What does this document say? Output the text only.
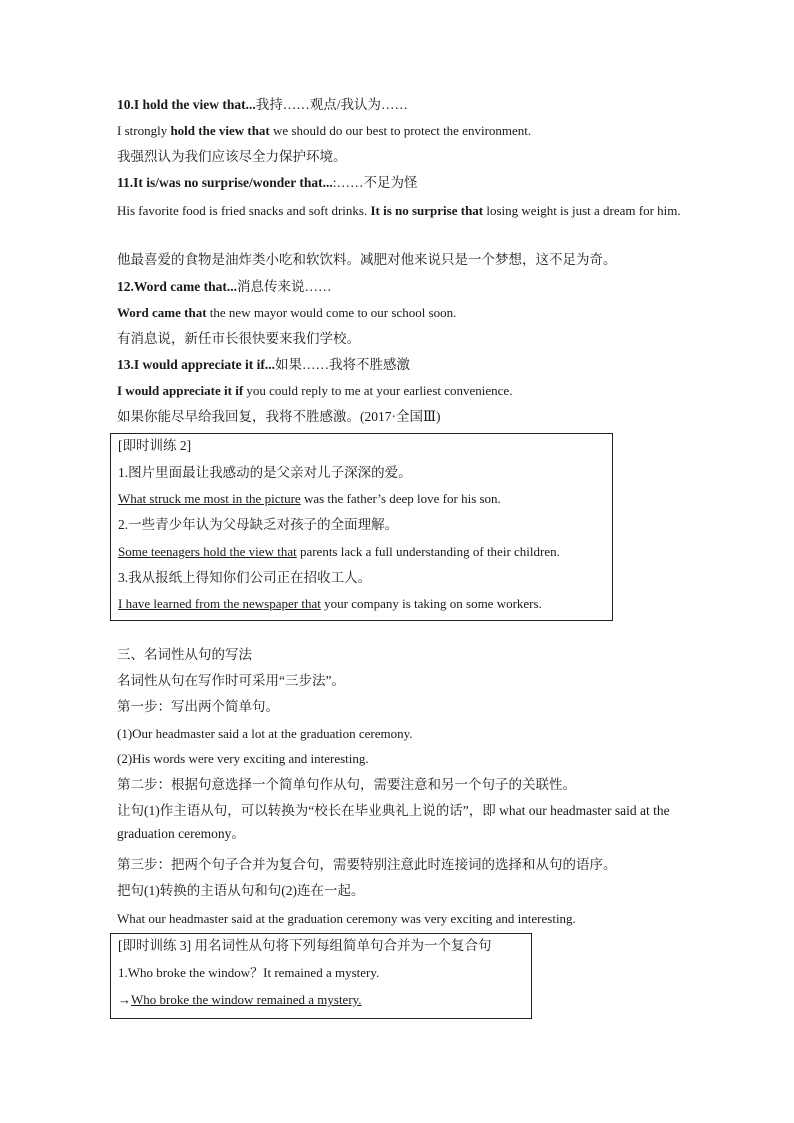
10.I hold the view that...我持……观点/我认为……
I strongly hold the view that we should do our best to protect the environment.
我强烈认为我们应该尽全力保护环境。
11.It is/was no surprise/wonder that...:……不足为怪
His favorite food is fried snacks and soft drinks. It is no surprise that losing weight is just a dream for him.
他最喜爱的食物是油炸类小吃和软饮料。减肥对他来说只是一个梦想，这不足为奇。
12.Word came that...消息传来说……
Word came that the new mayor would come to our school soon.
有消息说，新任市长很快要来我们学校。
13.I would appreciate it if...如果……我将不胜感激
I would appreciate it if you could reply to me at your earliest convenience.
如果你能尽早给我回复，我将不胜感激。(2017·全国Ⅲ)
[即时训练 2]
1.图片里面最让我感动的是父亲对儿子深深的爱。
What struck me most in the picture was the father’s deep love for his son.
2.一些青少年认为父母缺乏对孩子的全面理解。
Some teenagers hold the view that parents lack a full understanding of their children.
3.我从报纸上得知你们公司正在招收工人。
I have learned from the newspaper that your company is taking on some workers.
三、名词性从句的写法
名词性从句在写作时可采用“三步法”。
第一步：写出两个简单句。
(1)Our headmaster said a lot at the graduation ceremony.
(2)His words were very exciting and interesting.
第二步：根据句意选择一个简单句作从句，需要注意和另一个句子的关联性。
让句(1)作主语从句，可以转换为“校长在毕业典礼上说的话”，即 what our headmaster said at the graduation ceremony。
第三步：把两个句子合并为复合句，需要特别注意此时连接词的选择和从句的语序。
把句(1)转换的主语从句和句(2)连在一起。
What our headmaster said at the graduation ceremony was very exciting and interesting.
[即时训练 3] 用名词性从句将下列每组简单句合并为一个复合句
1.Who broke the window？It remained a mystery.
→Who broke the window remained a mystery.
